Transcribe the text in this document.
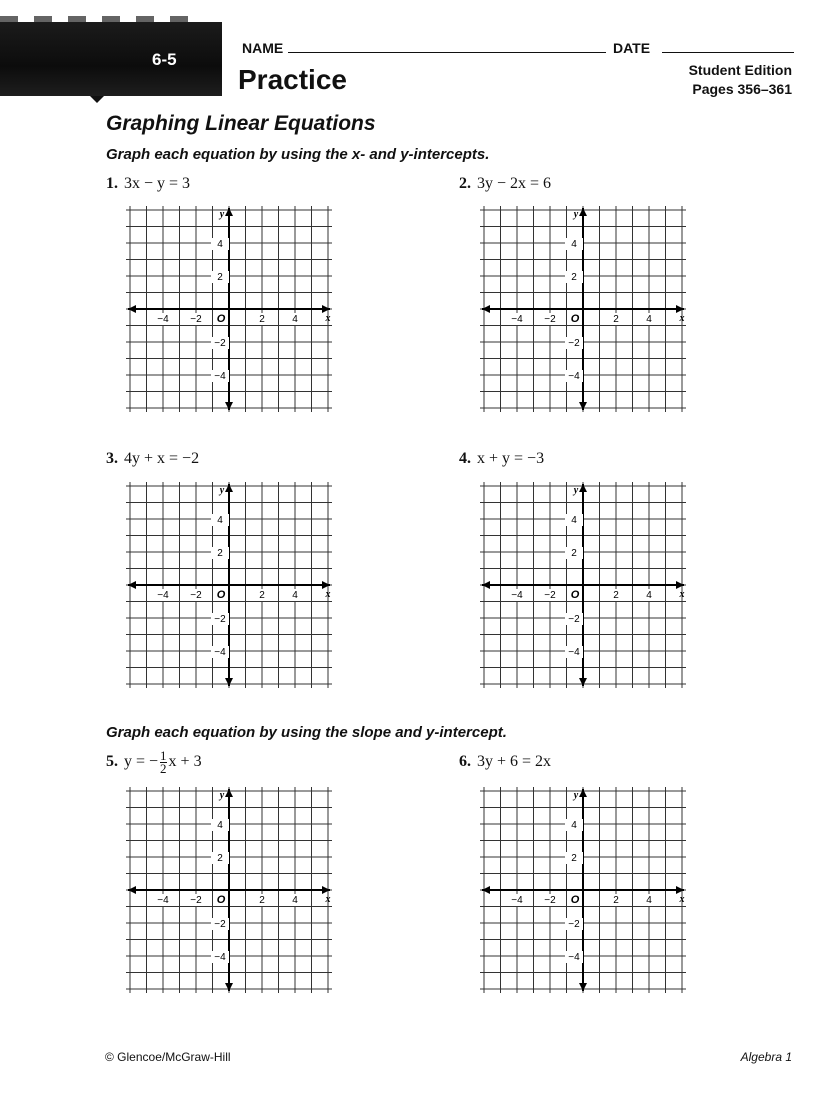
6-5
NAME	DATE
Practice	Student Edition
Pages 356–361
Graphing Linear Equations
Graph each equation by using the x- and y-intercepts.
1. 3x − y = 3	2. 3y − 2x = 6
3. 4y + x = −2	4. x + y = −3
Graph each equation by using the slope and y-intercept.
5. y = − $\frac{1}{2}$ x + 3	6. 3y + 6 = 2x
−4 −2	2	4
4
2
−2
−4
O	x
y
−4 −2	2	4
4
2
−2
−4
O	x
y
−4 −2	2	4
4
2
−2
−4
O	x
y
−4 −2	2	4
4
2
−2
−4
O	x
y
−4 −2	2	4
4
2
−2
−4
O	x
y
−4 −2	2	4
4
2
−2
−4
O	x
y
© Glencoe/McGraw-Hill	Algebra 1
